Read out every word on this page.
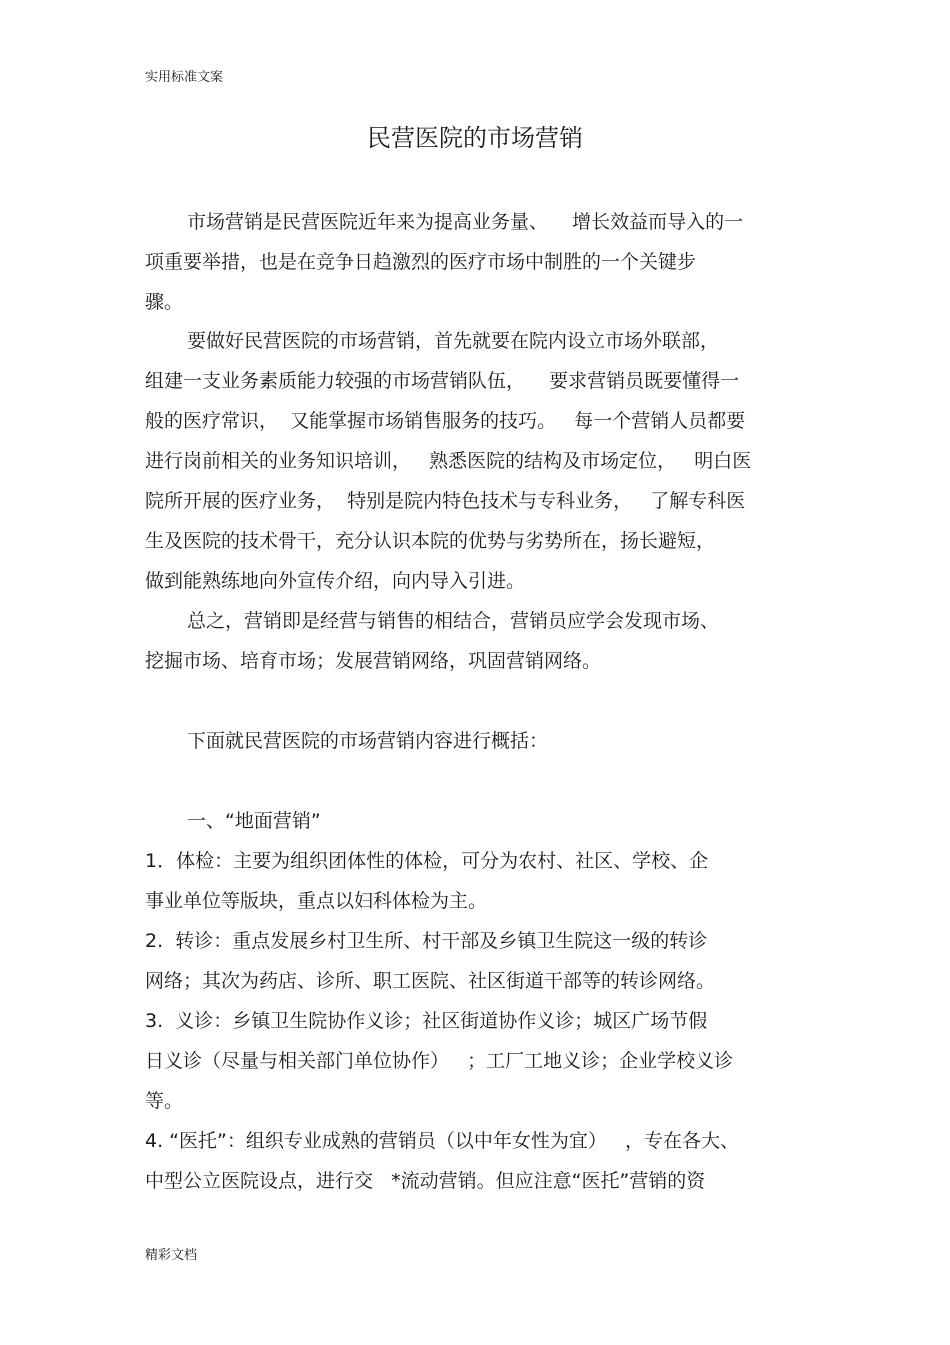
实用标准文案
民营医院的市场营销
市场营销是民营医院近年来为提高业务量、    增长效益而导入的一
项重要举措，也是在竞争日趋激烈的医疗市场中制胜的一个关键步
骤。
要做好民营医院的市场营销，首先就要在院内设立市场外联部，
组建一支业务素质能力较强的市场营销队伍，    要求营销员既要懂得一
般的医疗常识，  又能掌握市场销售服务的技巧。   每一个营销人员都要
进行岗前相关的业务知识培训，   熟悉医院的结构及市场定位，   明白医
院所开展的医疗业务，  特别是院内特色技术与专科业务，   了解专科医
生及医院的技术骨干，充分认识本院的优势与劣势所在，扬长避短，
做到能熟练地向外宣传介绍，向内导入引进。
总之，营销即是经营与销售的相结合，营销员应学会发现市场、
挖掘市场、培育市场；发展营销网络，巩固营销网络。
下面就民营医院的市场营销内容进行概括：
一、“地面营销”
1．体检：主要为组织团体性的体检，可分为农村、社区、学校、企
事业单位等版块，重点以妇科体检为主。
2.  转诊：重点发展乡村卫生所、村干部及乡镇卫生院这一级的转诊
网络；其次为药店、诊所、职工医院、社区街道干部等的转诊网络。
3.  义诊：乡镇卫生院协作义诊；社区街道协作义诊；城区广场节假
日义诊（尽量与相关部门单位协作）   ；工厂工地义诊；企业学校义诊
等。
4. “医托”：组织专业成熟的营销员（以中年女性为宜）   ，专在各大、
中型公立医院设点，进行交   *流动营销。但应注意“医托”营销的资
精彩文档
